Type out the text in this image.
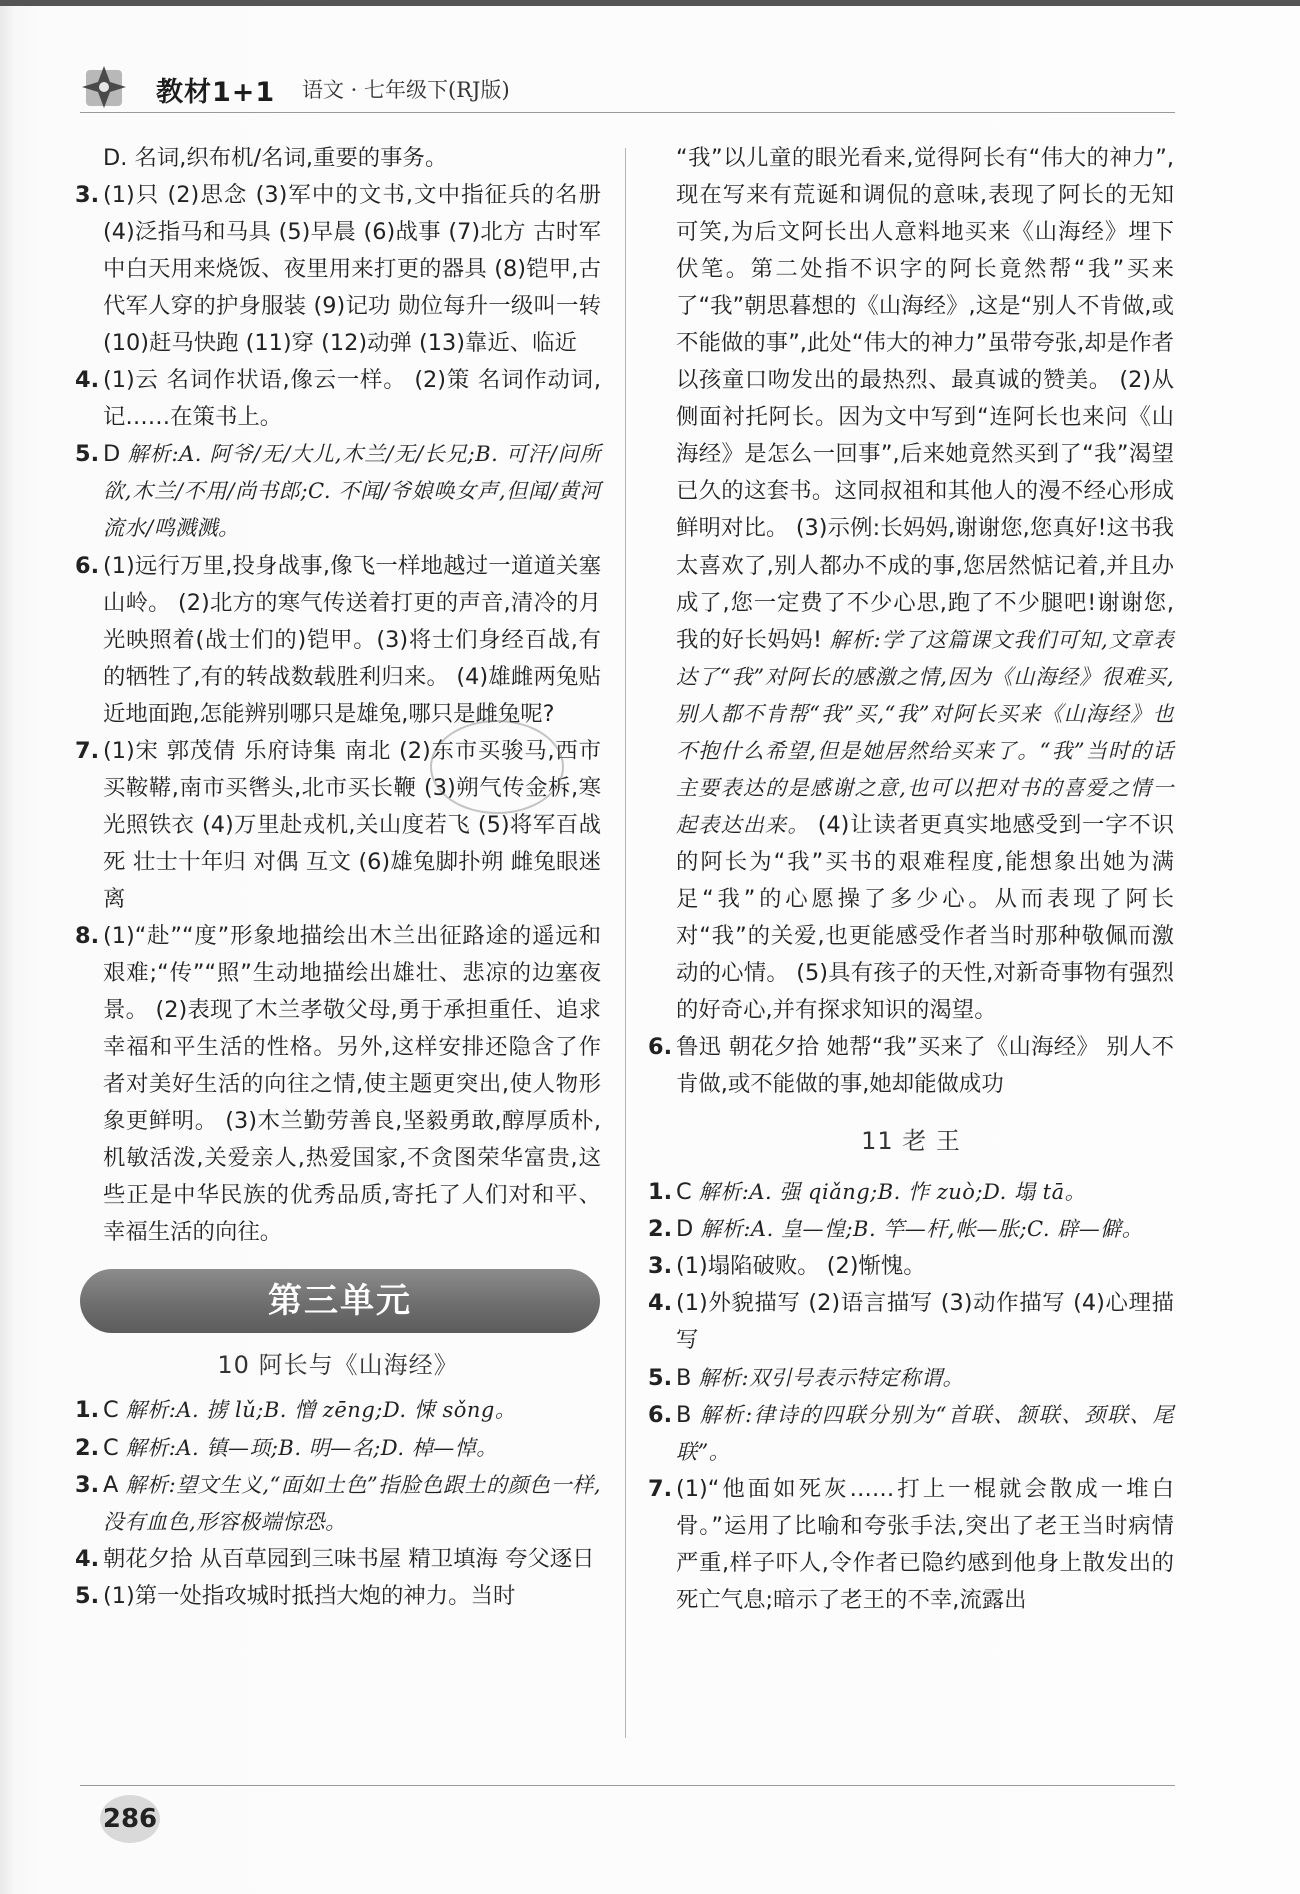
教材1+1 语文 · 七年级下(RJ版)

D. 名词,织布机/名词,重要的事务。

3. (1)只 (2)思念 (3)军中的文书,文中指征兵的名册 (4)泛指马和马具 (5)早晨 (6)战事 (7)北方 古时军中白天用来烧饭、夜里用来打更的器具 (8)铠甲,古代军人穿的护身服装 (9)记功 勋位每升一级叫一转 (10)赶马快跑 (11)穿 (12)动弹 (13)靠近、临近

4. (1)云 名词作状语,像云一样。 (2)策 名词作动词,记……在策书上。

5. D 解析:A. 阿爷/无/大儿,木兰/无/长兄;B. 可汗/问所欲,木兰/不用/尚书郎;C. 不闻/爷娘唤女声,但闻/黄河流水/鸣溅溅。

6. (1)远行万里,投身战事,像飞一样地越过一道道关塞山岭。 (2)北方的寒气传送着打更的声音,清冷的月光映照着(战士们的)铠甲。(3)将士们身经百战,有的牺牲了,有的转战数载胜利归来。 (4)雄雌两兔贴近地面跑,怎能辨别哪只是雄兔,哪只是雌兔呢?

7. (1)宋 郭茂倩 乐府诗集 南北 (2)东市买骏马,西市买鞍鞯,南市买辔头,北市买长鞭 (3)朔气传金柝,寒光照铁衣 (4)万里赴戎机,关山度若飞 (5)将军百战死 壮士十年归 对偶 互文 (6)雄兔脚扑朔 雌兔眼迷离

8. (1)“赴”“度”形象地描绘出木兰出征路途的遥远和艰难;“传”“照”生动地描绘出雄壮、悲凉的边塞夜景。 (2)表现了木兰孝敬父母,勇于承担重任、追求幸福和平生活的性格。另外,这样安排还隐含了作者对美好生活的向往之情,使主题更突出,使人物形象更鲜明。 (3)木兰勤劳善良,坚毅勇敢,醇厚质朴,机敏活泼,关爱亲人,热爱国家,不贪图荣华富贵,这些正是中华民族的优秀品质,寄托了人们对和平、幸福生活的向往。

第三单元
10 阿长与《山海经》

1. C 解析:A. 掳 lǔ;B. 憎 zēng;D. 悚 sǒng。

2. C 解析:A. 镇—顼;B. 明—名;D. 棹—悼。

3. A 解析:望文生义,“面如土色”指脸色跟土的颜色一样,没有血色,形容极端惊恐。

4. 朝花夕拾 从百草园到三味书屋 精卫填海 夸父逐日

5. (1)第一处指攻城时抵挡大炮的神力。当时

“我”以儿童的眼光看来,觉得阿长有“伟大的神力”,现在写来有荒诞和调侃的意味,表现了阿长的无知可笑,为后文阿长出人意料地买来《山海经》埋下伏笔。第二处指不识字的阿长竟然帮“我”买来了“我”朝思暮想的《山海经》,这是“别人不肯做,或不能做的事”,此处“伟大的神力”虽带夸张,却是作者以孩童口吻发出的最热烈、最真诚的赞美。 (2)从侧面衬托阿长。因为文中写到“连阿长也来问《山海经》是怎么一回事”,后来她竟然买到了“我”渴望已久的这套书。这同叔祖和其他人的漫不经心形成鲜明对比。 (3)示例:长妈妈,谢谢您,您真好!这书我太喜欢了,别人都办不成的事,您居然惦记着,并且办成了,您一定费了不少心思,跑了不少腿吧!谢谢您,我的好长妈妈! 解析:学了这篇课文我们可知,文章表达了“我”对阿长的感激之情,因为《山海经》很难买,别人都不肯帮“我”买,“我”对阿长买来《山海经》也不抱什么希望,但是她居然给买来了。“我”当时的话主要表达的是感谢之意,也可以把对书的喜爱之情一起表达出来。 (4)让读者更真实地感受到一字不识的阿长为“我”买书的艰难程度,能想象出她为满足“我”的心愿操了多少心。从而表现了阿长对“我”的关爱,也更能感受作者当时那种敬佩而激动的心情。 (5)具有孩子的天性,对新奇事物有强烈的好奇心,并有探求知识的渴望。

6. 鲁迅 朝花夕拾 她帮“我”买来了《山海经》 别人不肯做,或不能做的事,她却能做成功

11 老 王

1. C 解析:A. 强 qiǎng;B. 怍 zuò;D. 塌 tā。

2. D 解析:A. 皇—惶;B. 竿—杆,帐—胀;C. 辟—僻。

3. (1)塌陷破败。 (2)惭愧。

4. (1)外貌描写 (2)语言描写 (3)动作描写 (4)心理描写

5. B 解析:双引号表示特定称谓。

6. B 解析:律诗的四联分别为“首联、颔联、颈联、尾联”。

7. (1)“他面如死灰……打上一棍就会散成一堆白骨。”运用了比喻和夸张手法,突出了老王当时病情严重,样子吓人,令作者已隐约感到他身上散发出的死亡气息;暗示了老王的不幸,流露出

286
